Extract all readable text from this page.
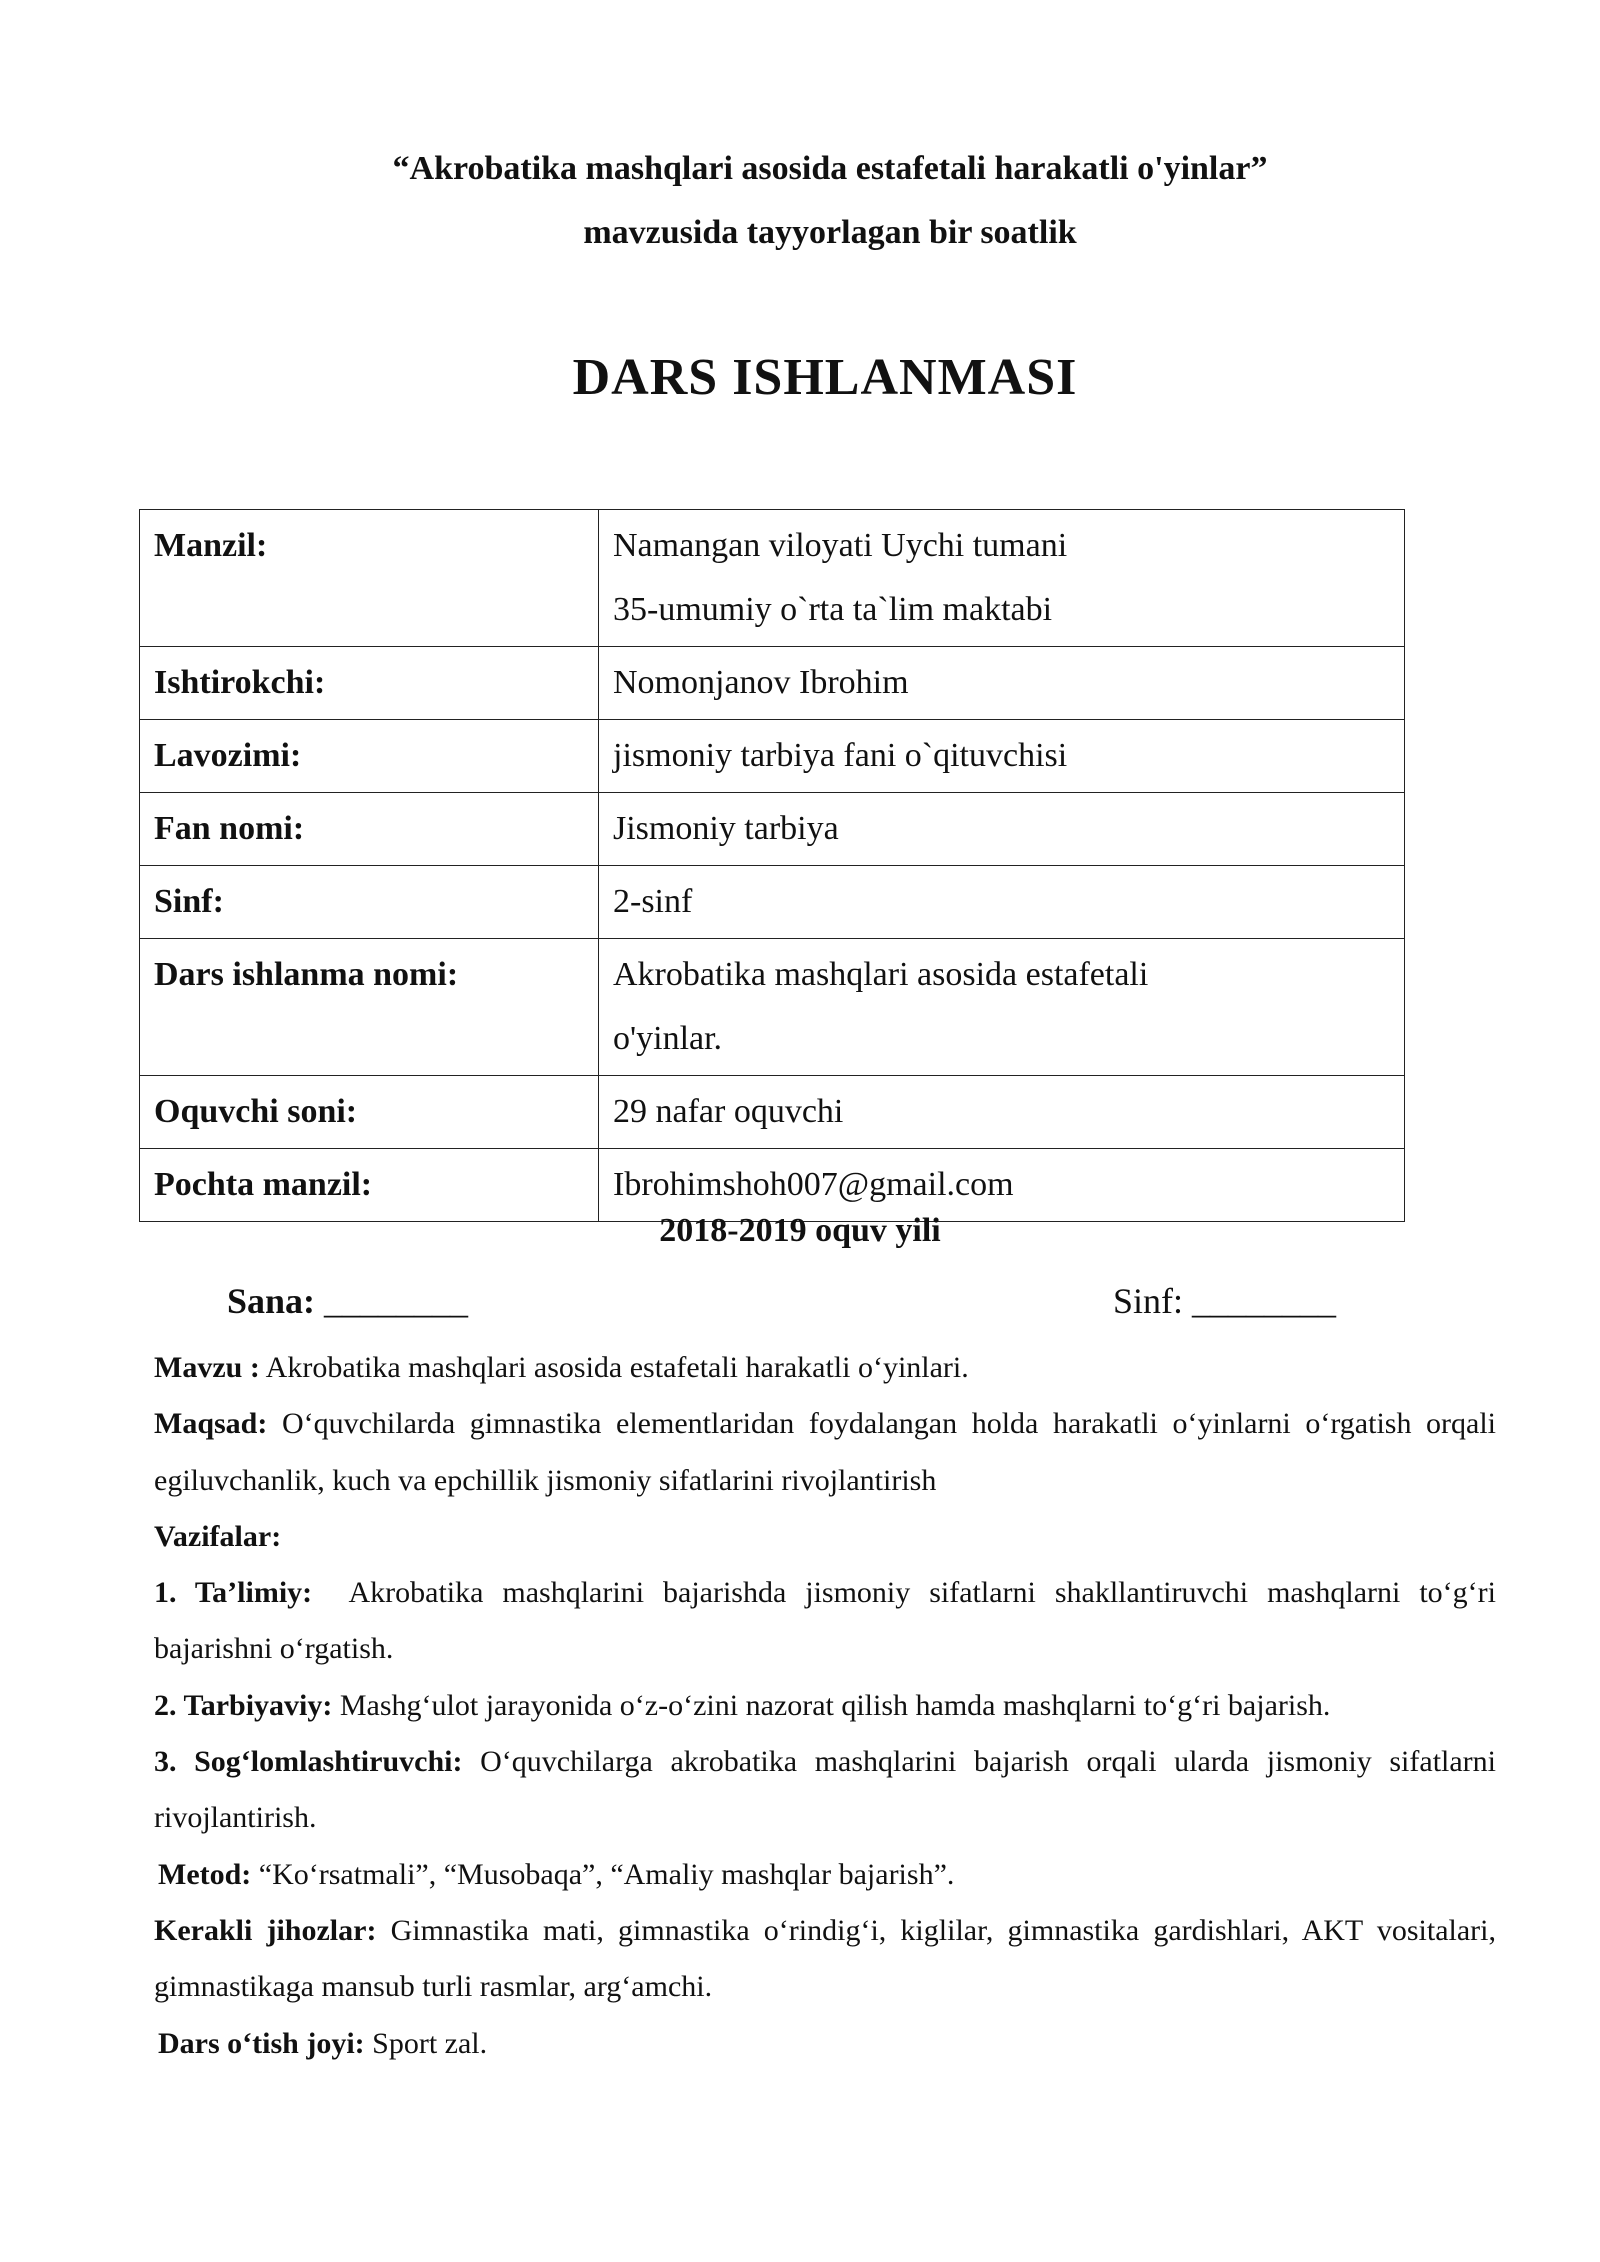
“Akrobatika mashqlari asosida estafetali harakatli o'yinlar”
mavzusida tayyorlagan bir soatlik
DARS ISHLANMASI
Manzil:	Namangan viloyati Uychi tumani
35-umumiy o`rta ta`lim maktabi

Ishtirokchi:	Nomonjanov Ibrohim
Lavozimi:	jismoniy tarbiya fani o`qituvchisi
Fan nomi:	Jismoniy tarbiya
Sinf:	2-sinf
Dars ishlanma nomi:	Akrobatika mashqlari asosida estafetali
o'yinlar.

Oquvchi soni:	29 nafar oquvchi
Pochta manzil:	Ibrohimshoh007@gmail.com
2018-2019 oquv yili
Sana: ________	Sinf: ________

Mavzu : Akrobatika mashqlari asosida estafetali harakatli o‘yinlari.

Maqsad: O‘quvchilarda gimnastika elementlaridan foydalangan holda harakatli o‘yinlarni o‘rgatish orqali egiluvchanlik, kuch va epchillik jismoniy sifatlarini rivojlantirish

Vazifalar:

1. Ta’limiy: Akrobatika mashqlarini bajarishda jismoniy sifatlarni shakllantiruvchi mashqlarni to‘g‘ri bajarishni o‘rgatish.

2. Tarbiyaviy: Mashg‘ulot jarayonida o‘z-o‘zini nazorat qilish hamda mashqlarni to‘g‘ri bajarish.

3. Sog‘lomlashtiruvchi: O‘quvchilarga akrobatika mashqlarini bajarish orqali ularda jismoniy sifatlarni rivojlantirish.

Metod: “Ko‘rsatmali”, “Musobaqa”, “Amaliy mashqlar bajarish”.

Kerakli jihozlar: Gimnastika mati, gimnastika o‘rindig‘i, kiglilar, gimnastika gardishlari, AKT vositalari, gimnastikaga mansub turli rasmlar, arg‘amchi.

Dars o‘tish joyi: Sport zal.
